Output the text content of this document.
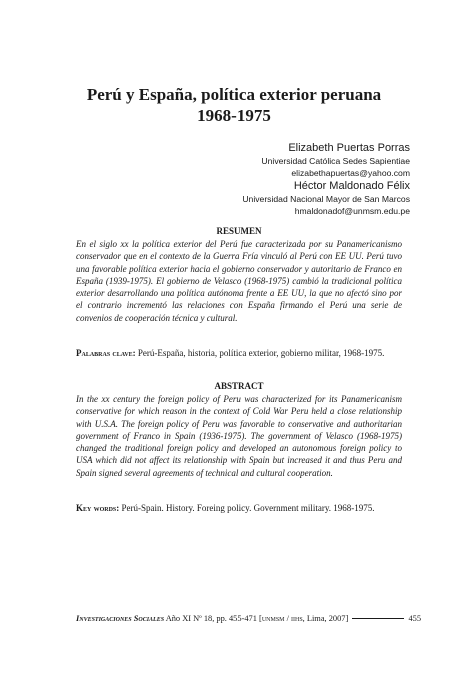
Perú y España, política exterior peruana
1968-1975
Elizabeth Puertas Porras
Universidad Católica Sedes Sapientiae
elizabethapuertas@yahoo.com
Héctor Maldonado Félix
Universidad Nacional Mayor de San Marcos
hmaldonadof@unmsm.edu.pe
RESUMEN

En el siglo xx la política exterior del Perú fue caracterizada por su Panamericanismo conservador que en el contexto de la Guerra Fría vinculó al Perú con EE UU. Perú tuvo una favorable política exterior hacia el gobierno conservador y autoritario de Franco en España (1939-1975). El gobierno de Velasco (1968-1975) cambió la tradicional política exterior desarrollando una política autónoma frente a EE UU, la que no afectó sino por el contrario incrementó las relaciones con España firmando el Perú una serie de convenios de cooperación técnica y cultural.

Palabras clave: Perú-España, historia, política exterior, gobierno militar, 1968-1975.

ABSTRACT

In the xx century the foreign policy of Peru was characterized for its Panamericanism conservative for which reason in the context of Cold War Peru held a close relationship with U.S.A. The foreign policy of Peru was favorable to conservative and authoritarian government of Franco in Spain (1936-1975). The government of Velasco (1968-1975) changed the traditional foreign policy and developed an autonomous foreign policy to USA which did not affect its relationship with Spain but increased it and thus Peru and Spain signed several agreements of technical and cultural cooperation.

Key words: Perú-Spain. History. Foreing policy. Government military. 1968-1975.

Investigaciones Sociales Año XI Nº 18, pp. 455-471 [unmsm / iihs, Lima, 2007]	455
